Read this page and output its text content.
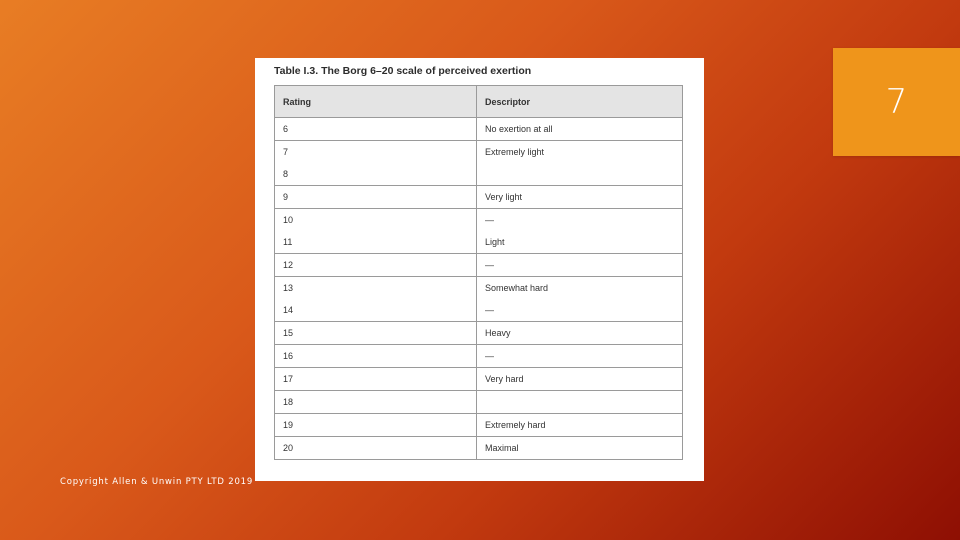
7
Table I.3. The Borg 6–20 scale of perceived exertion
Rating	Descriptor
6	No exertion at all
7	Extremely light
8	
9	Very light
10	—
11	Light
12	—
13	Somewhat hard
14	—
15	Heavy
16	—
17	Very hard
18	
19	Extremely hard
20	Maximal
Copyright Allen & Unwin PTY LTD 2019
